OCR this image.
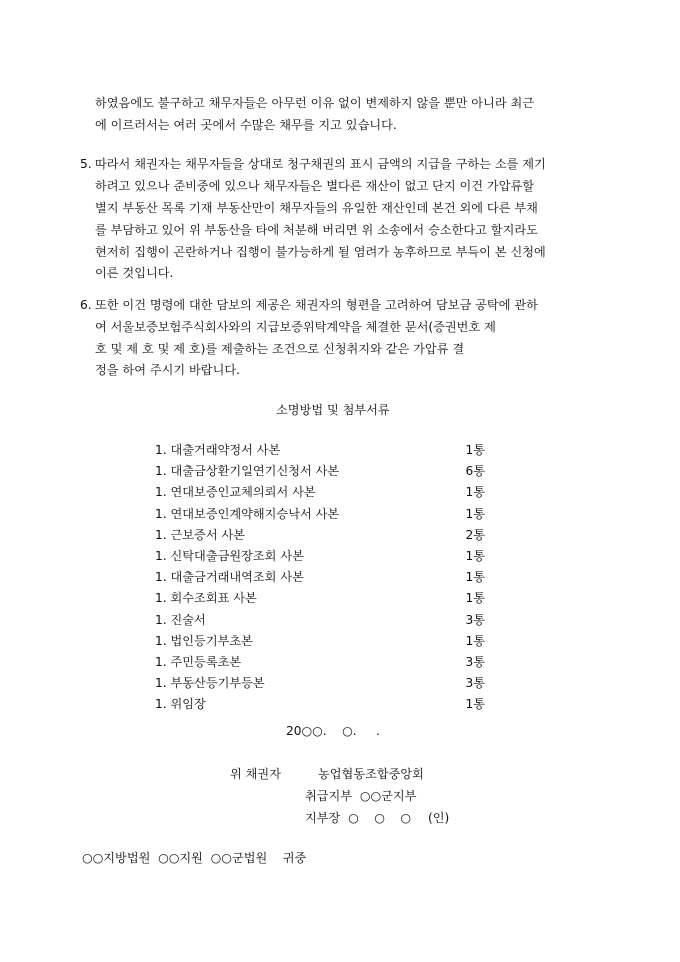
하였음에도 불구하고 채무자들은 아무런 이유 없이 변제하지 않을 뿐만 아니라 최근
에 이르러서는 여러 곳에서 수많은 채무를 지고 있습니다.
5. 따라서 채권자는 채무자들을 상대로 청구채권의 표시 금액의 지급을 구하는 소를 제기
하려고 있으나 준비중에 있으나 채무자들은 별다른 재산이 없고 단지 이건 가압류할
별지 부동산 목록 기재 부동산만이 채무자들의 유일한 재산인데 본건 외에 다른 부채
를 부담하고 있어 위 부동산을 타에 처분해 버리면 위 소송에서 승소한다고 할지라도
현저히 집행이 곤란하거나 집행이 불가능하게 될 염려가 농후하므로 부득이 본 신청에
이른 것입니다.
6. 또한 이건 명령에 대한 담보의 제공은 채권자의 형편을 고려하여 담보금 공탁에 관하
여 서울보증보험주식회사와의 지급보증위탁계약을 체결한 문서(증권번호 제
호 및 제 호 및 제 호)를 제출하는 조건으로 신청취지와 같은 가압류 결
정을 하여 주시기 바랍니다.
소명방법 및 첨부서류
1. 대출거래약정서 사본	1통
1. 대출금상환기일연기신청서 사본	6통
1. 연대보증인교체의뢰서 사본	1통
1. 연대보증인계약해지승낙서 사본	1통
1. 근보증서 사본	2통
1. 신탁대출금원장조회 사본	1통
1. 대출금거래내역조회 사본	1통
1. 회수조회표 사본	1통
1. 진술서	3통
1. 법인등기부초본	1통
1. 주민등록초본	3통
1. 부동산등기부등본	3통
1. 위임장	1통
20○○.    ○.     .
위 채권자	농업협동조합중앙회
취급지부  ○○군지부
지부장  ○    ○    ○ (인)
○○지방법원  ○○지원  ○○군법원    귀중
